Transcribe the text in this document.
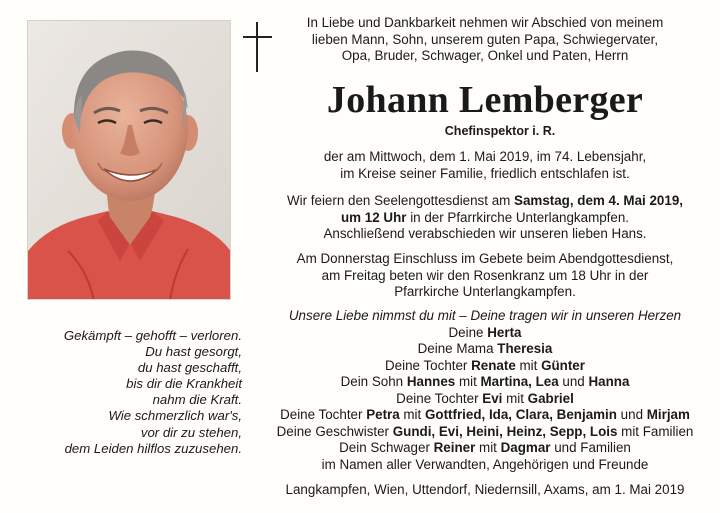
In Liebe und Dankbarkeit nehmen wir Abschied von meinem
lieben Mann, Sohn, unserem guten Papa, Schwiegervater,
Opa, Bruder, Schwager, Onkel und Paten, Herrn
Johann Lemberger
Chefinspektor i. R.
der am Mittwoch, dem 1. Mai 2019, im 74. Lebensjahr,
im Kreise seiner Familie, friedlich entschlafen ist.
Wir feiern den Seelengottesdienst am Samstag, dem 4. Mai 2019,
um 12 Uhr in der Pfarrkirche Unterlangkampfen.
Anschließend verabschieden wir unseren lieben Hans.
Am Donnerstag Einschluss im Gebete beim Abendgottesdienst,
am Freitag beten wir den Rosenkranz um 18 Uhr in der
Pfarrkirche Unterlangkampfen.
Unsere Liebe nimmst du mit – Deine tragen wir in unseren Herzen
Deine Herta
Deine Mama Theresia
Deine Tochter Renate mit Günter
Dein Sohn Hannes mit Martina, Lea und Hanna
Deine Tochter Evi mit Gabriel
Deine Tochter Petra mit Gottfried, Ida, Clara, Benjamin und Mirjam
Deine Geschwister Gundi, Evi, Heini, Heinz, Sepp, Lois mit Familien
Dein Schwager Reiner mit Dagmar und Familien
im Namen aller Verwandten, Angehörigen und Freunde
Langkampfen, Wien, Uttendorf, Niedernsill, Axams, am 1. Mai 2019
Gekämpft – gehofft – verloren.
Du hast gesorgt,
du hast geschafft,
bis dir die Krankheit
nahm die Kraft.
Wie schmerzlich war's,
vor dir zu stehen,
dem Leiden hilflos zuzusehen.
